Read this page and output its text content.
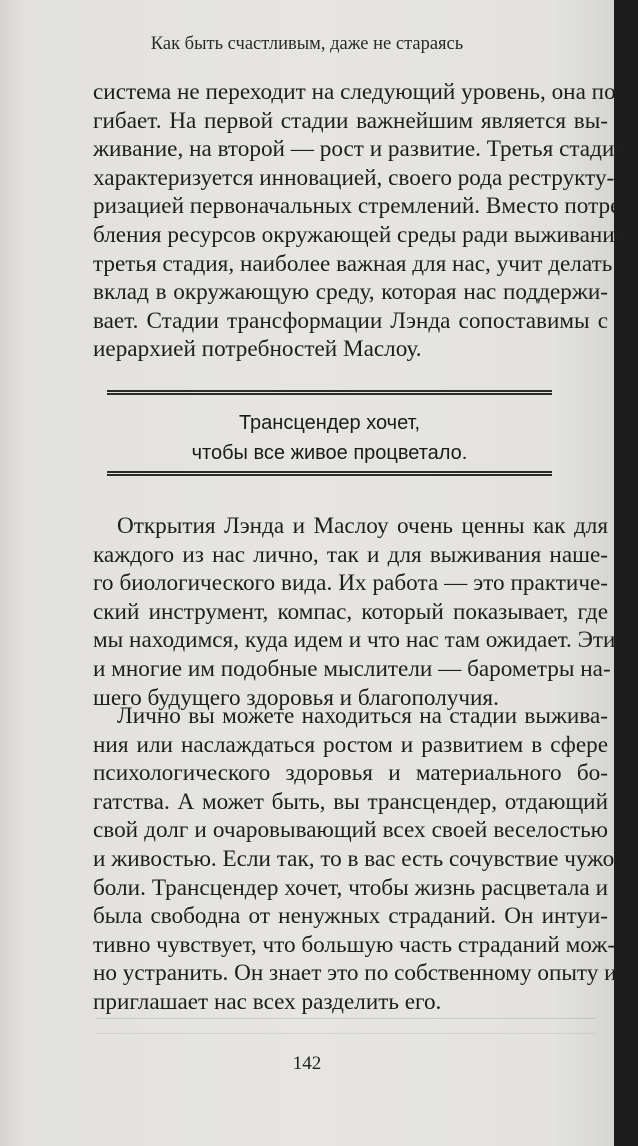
Как быть счастливым, даже не стараясь

система не переходит на следующий уровень, она по-
гибает. На первой стадии важнейшим является вы-
живание, на второй — рост и развитие. Третья стадия
характеризуется инновацией, своего рода реструкту-
ризацией первоначальных стремлений. Вместо потре-
бления ресурсов окружающей среды ради выживания
третья стадия, наиболее важная для нас, учит делать
вклад в окружающую среду, которая нас поддержи-
вает. Стадии трансформации Лэнда сопоставимы с
иерархией потребностей Маслоу.

Трансцендер хочет,
чтобы все живое процветало.

Открытия Лэнда и Маслоу очень ценны как для
каждого из нас лично, так и для выживания наше-
го биологического вида. Их работа — это практиче-
ский инструмент, компас, который показывает, где
мы находимся, куда идем и что нас там ожидает. Эти
и многие им подобные мыслители — барометры на-
шего будущего здоровья и благополучия.

Лично вы можете находиться на стадии выжива-
ния или наслаждаться ростом и развитием в сфере
психологического здоровья и материального бо-
гатства. А может быть, вы трансцендер, отдающий
свой долг и очаровывающий всех своей веселостью
и живостью. Если так, то в вас есть сочувствие чужой
боли. Трансцендер хочет, чтобы жизнь расцветала и
была свободна от ненужных страданий. Он интуи-
тивно чувствует, что большую часть страданий мож-
но устранить. Он знает это по собственному опыту и
приглашает нас всех разделить его.

142
